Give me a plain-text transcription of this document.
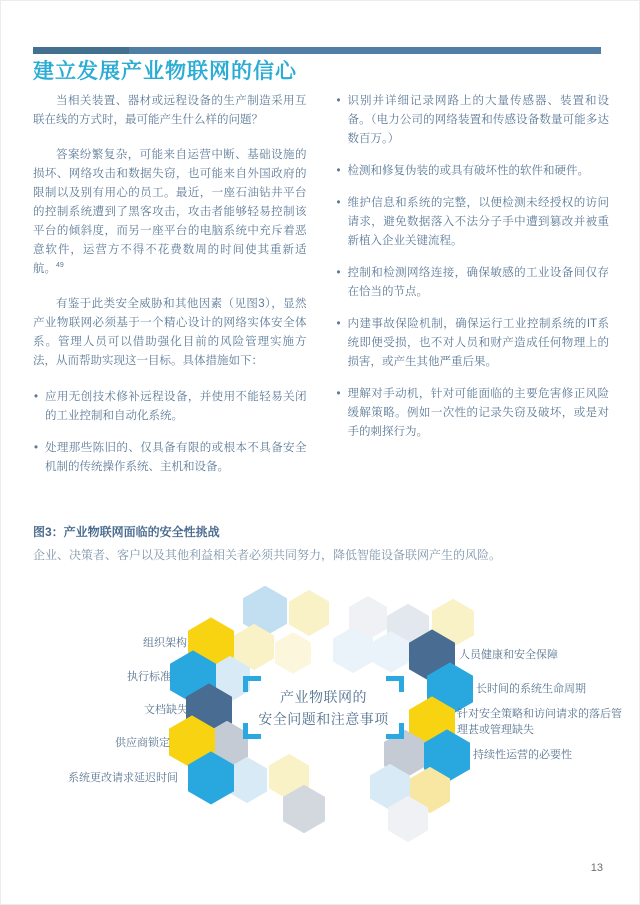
建立发展产业物联网的信心

当相关装置、器材或远程设备的生产制造采用互联在线的方式时，最可能产生什么样的问题？

答案纷繁复杂，可能来自运营中断、基础设施的损坏、网络攻击和数据失窃，也可能来自外国政府的限制以及别有用心的员工。最近，一座石油钻井平台的控制系统遭到了黑客攻击，攻击者能够轻易控制该平台的倾斜度，而另一座平台的电脑系统中充斥着恶意软件，运营方不得不花费数周的时间使其重新适航。$^{49}$

有鉴于此类安全威胁和其他因素（见图3），显然产业物联网必须基于一个精心设计的网络实体安全体系。管理人员可以借助强化目前的风险管理实施方法，从而帮助实现这一目标。具体措施如下：

• 应用无创技术修补远程设备，并使用不能轻易关闭的工业控制和自动化系统。
• 处理那些陈旧的、仅具备有限的或根本不具备安全机制的传统操作系统、主机和设备。
• 识别并详细记录网路上的大量传感器、装置和设备。（电力公司的网络装置和传感设备数量可能多达数百万。）
• 检测和修复伪装的或具有破坏性的软件和硬件。
• 维护信息和系统的完整，以便检测未经授权的访问请求，避免数据落入不法分子手中遭到篡改并被重新植入企业关键流程。
• 控制和检测网络连接，确保敏感的工业设备间仅存在恰当的节点。
• 内建事故保险机制，确保运行工业控制系统的IT系统即便受损，也不对人员和财产造成任何物理上的损害，或产生其他严重后果。
• 理解对手动机，针对可能面临的主要危害修正风险缓解策略。例如一次性的记录失窃及破坏，或是对手的刺探行为。
图3：产业物联网面临的安全性挑战
企业、决策者、客户以及其他利益相关者必须共同努力，降低智能设备联网产生的风险。
组织架构
执行标准
文档缺失
供应商锁定
系统更改请求延迟时间
人员健康和安全保障
长时间的系统生命周期
针对安全策略和访问请求的落后管理甚或管理缺失
持续性运营的必要性
产业物联网的
安全问题和注意事项
13
